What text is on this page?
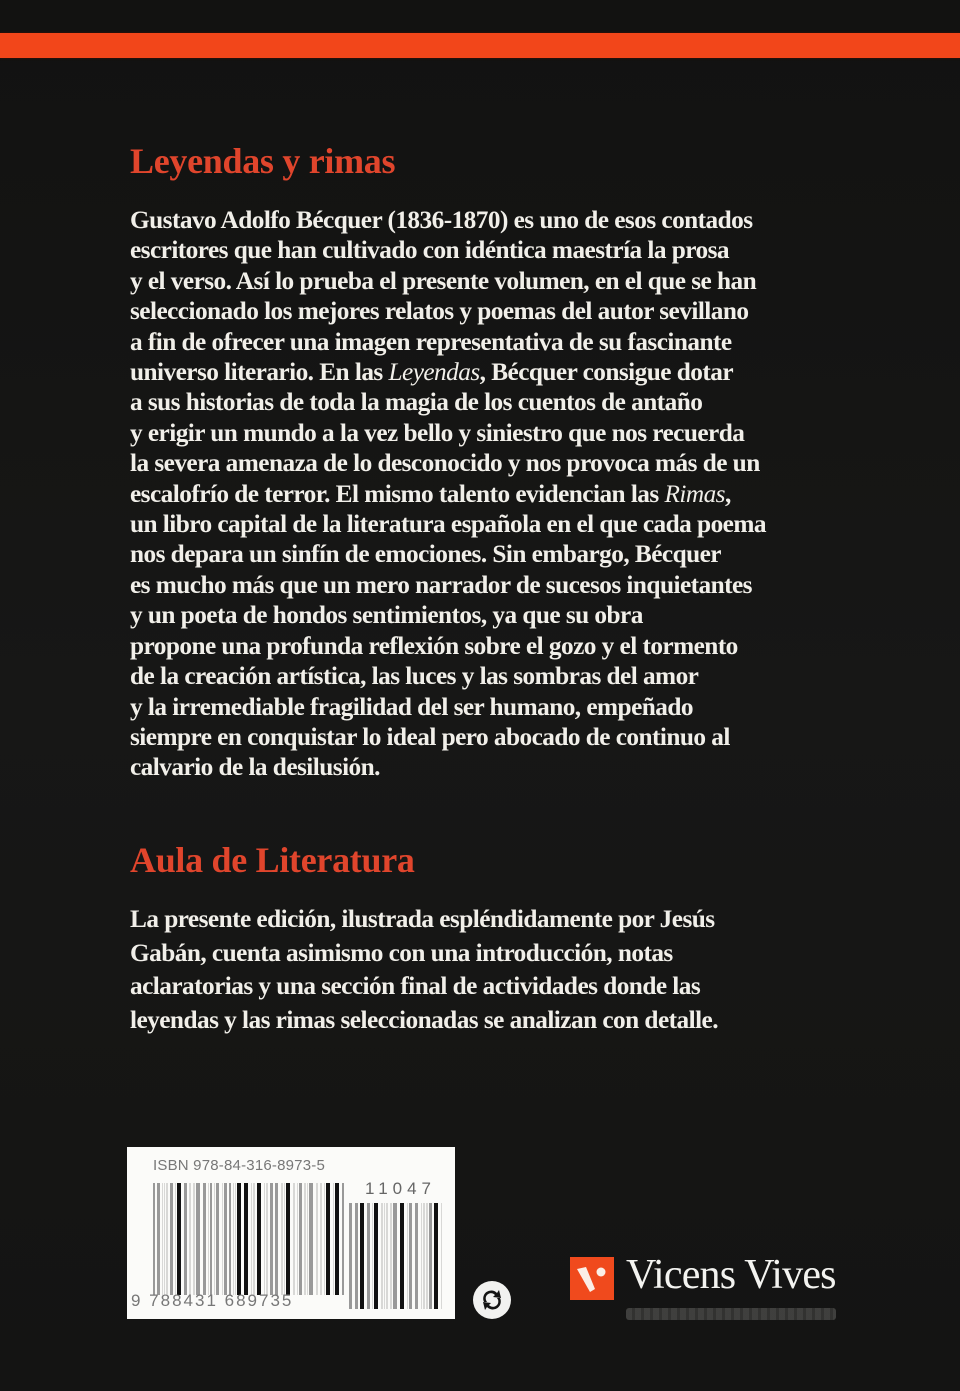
Leyendas y rimas

Gustavo Adolfo Bécquer (1836-1870) es uno de esos contados
escritores que han cultivado con idéntica maestría la prosa
y el verso. Así lo prueba el presente volumen, en el que se han
seleccionado los mejores relatos y poemas del autor sevillano
a fin de ofrecer una imagen representativa de su fascinante
universo literario. En las Leyendas, Bécquer consigue dotar
a sus historias de toda la magia de los cuentos de antaño
y erigir un mundo a la vez bello y siniestro que nos recuerda
la severa amenaza de lo desconocido y nos provoca más de un
escalofrío de terror. El mismo talento evidencian las Rimas,
un libro capital de la literatura española en el que cada poema
nos depara un sinfín de emociones. Sin embargo, Bécquer
es mucho más que un mero narrador de sucesos inquietantes
y un poeta de hondos sentimientos, ya que su obra
propone una profunda reflexión sobre el gozo y el tormento
de la creación artística, las luces y las sombras del amor
y la irremediable fragilidad del ser humano, empeñado
siempre en conquistar lo ideal pero abocado de continuo al
calvario de la desilusión.

Aula de Literatura

La presente edición, ilustrada espléndidamente por Jesús
Gabán, cuenta asimismo con una introducción, notas
aclaratorias y una sección final de actividades donde las
leyendas y las rimas seleccionadas se analizan con detalle.

ISBN 978-84-316-8973-5
11047
9 788431 689735
Vicens Vives
